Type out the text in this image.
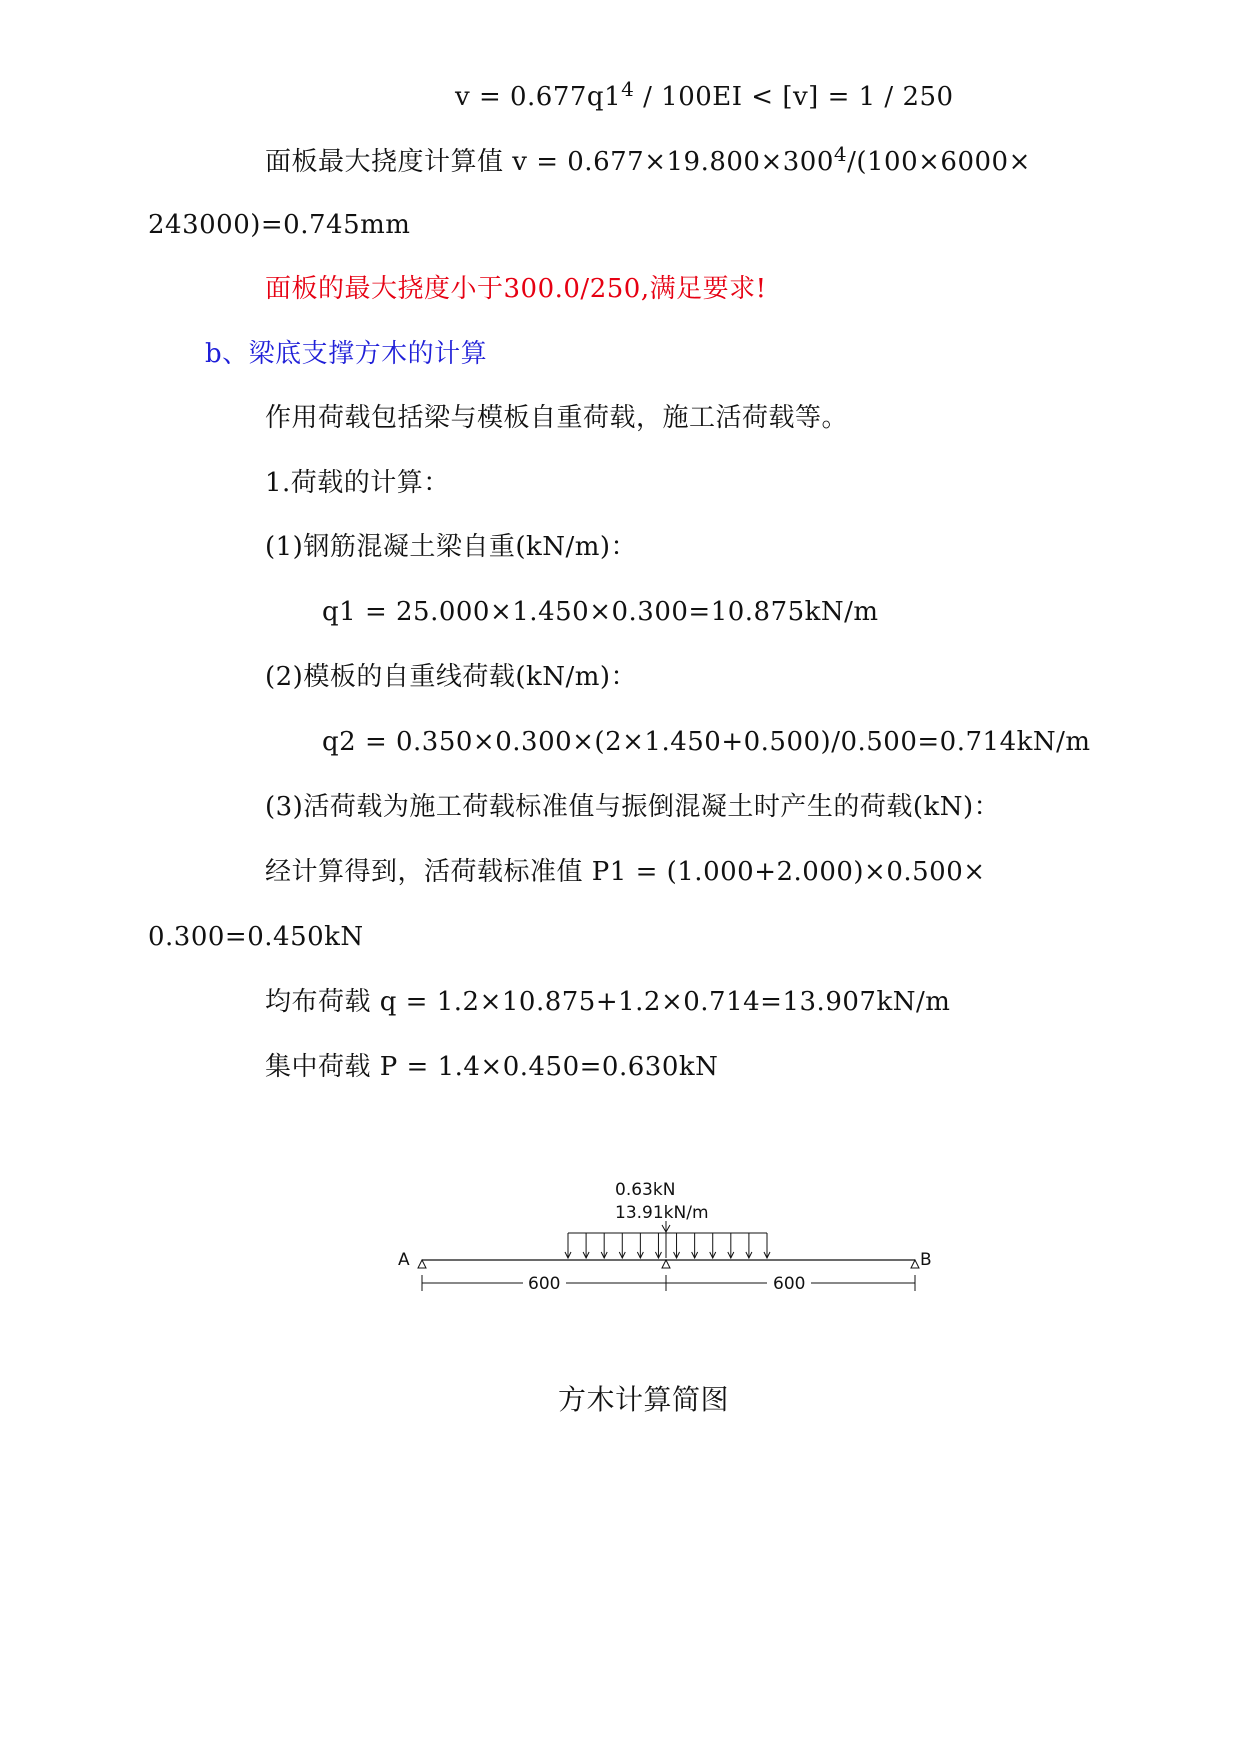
$v = 0.677q1^4 / 100EI < [v] = 1 / 250$
面板最大挠度计算值 $v = 0.677\times 19.800\times 300^4/(100\times 6000\times$
243000)=0.745mm
面板的最大挠度小于300.0/250,满足要求!
b、梁底支撑方木的计算
作用荷载包括梁与模板自重荷载，施工活荷载等。
1.荷载的计算：
(1)钢筋混凝土梁自重(kN/m)：
q1 = 25.000×1.450×0.300=10.875kN/m
(2)模板的自重线荷载(kN/m)：
q2 = 0.350×0.300×(2×1.450+0.500)/0.500=0.714kN/m
(3)活荷载为施工荷载标准值与振倒混凝土时产生的荷载(kN)：
经计算得到，活荷载标准值 P1 = (1.000+2.000)×0.500×
0.300=0.450kN
均布荷载 q = 1.2×10.875+1.2×0.714=13.907kN/m
集中荷载 P = 1.4×0.450=0.630kN
0.63kN
13.91kN/m
A	B
600	600
方木计算简图
